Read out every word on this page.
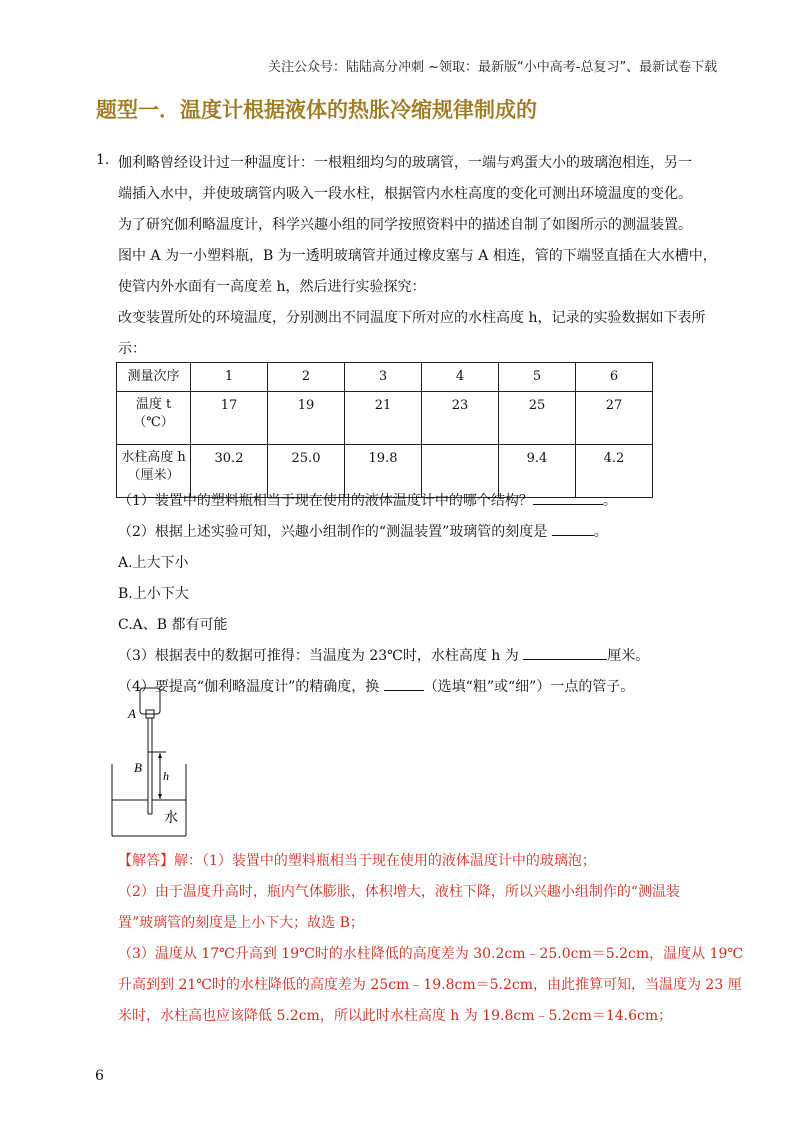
关注公众号：陆陆高分冲刺 ~领取：最新版“小中高考-总复习”、最新试卷下载
题型一．温度计根据液体的热胀冷缩规律制成的
1. 伽利略曾经设计过一种温度计：一根粗细均匀的玻璃管，一端与鸡蛋大小的玻璃泡相连，另一
端插入水中，并使玻璃管内吸入一段水柱，根据管内水柱高度的变化可测出环境温度的变化。
为了研究伽利略温度计，科学兴趣小组的同学按照资料中的描述自制了如图所示的测温装置。
图中 A 为一小塑料瓶，B 为一透明玻璃管并通过橡皮塞与 A 相连，管的下端竖直插在大水槽中，
使管内外水面有一高度差 h，然后进行实验探究：
改变装置所处的环境温度，分别测出不同温度下所对应的水柱高度 h，记录的实验数据如下表所
示：
测量次序	1	2	3	4	5	6

温度 t
（℃）	17	19	21	23	25	27

水柱高度 h
（厘米）	30.2	25.0	19.8		9.4	4.2
（1）装置中的塑料瓶相当于现在使用的液体温度计中的哪个结构？	。
（2）根据上述实验可知，兴趣小组制作的“测温装置”玻璃管的刻度是	。
A.上大下小
B.上小下大
C.A、B 都有可能
（3）根据表中的数据可推得：当温度为 23℃时，水柱高度 h 为	厘米。
（4）要提高“伽利略温度计”的精确度，换	（选填“粗”或“细”）一点的管子。
A
B
h
水
【解答】解：（1）装置中的塑料瓶相当于现在使用的液体温度计中的玻璃泡；
（2）由于温度升高时，瓶内气体膨胀，体积增大，液柱下降，所以兴趣小组制作的“测温装
置”玻璃管的刻度是上小下大；故选 B；
（3）温度从 17℃升高到 19℃时的水柱降低的高度差为 30.2cm﹣25.0cm＝5.2cm，温度从 19℃
升高到到 21℃时的水柱降低的高度差为 25cm﹣19.8cm＝5.2cm，由此推算可知，当温度为 23 厘
米时，水柱高也应该降低 5.2cm，所以此时水柱高度 h 为 19.8cm﹣5.2cm＝14.6cm；
6
